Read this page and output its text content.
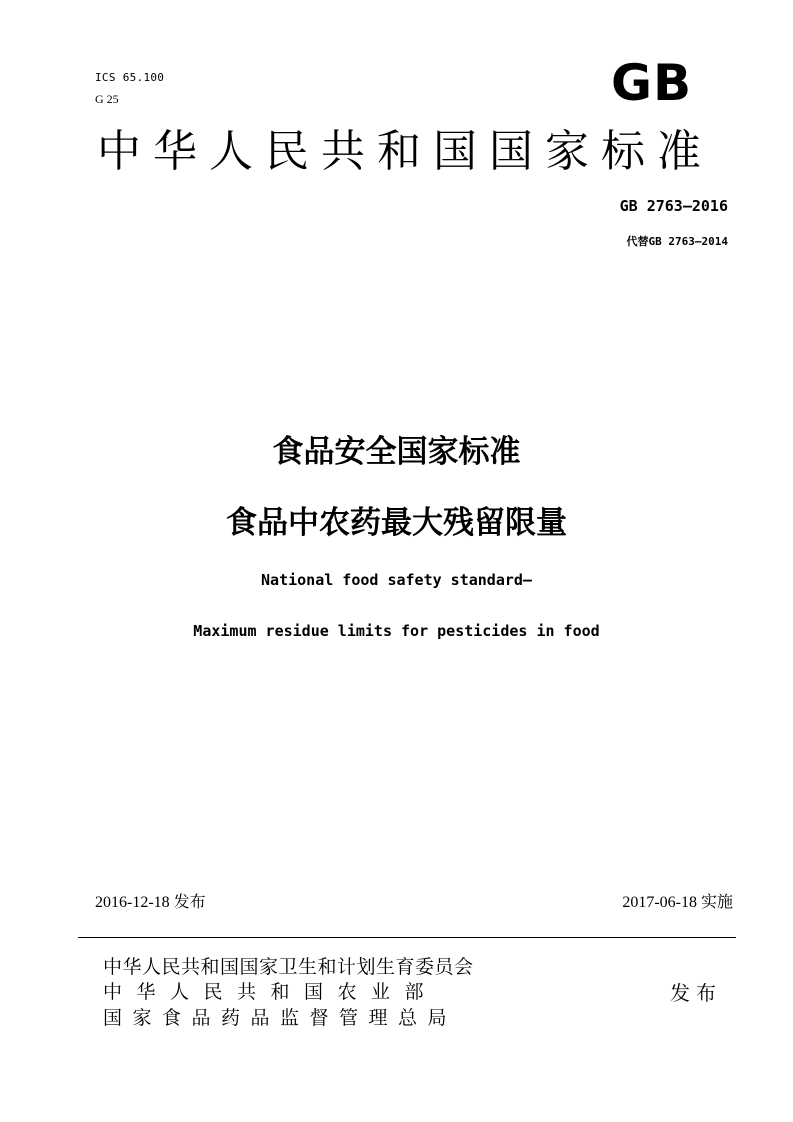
ICS 65.100
G 25	GB
中华人民共和国国家标准
GB 2763—2016
代替GB 2763—2014
食品安全国家标准
食品中农药最大残留限量
National food safety standard—
Maximum residue limits for pesticides in food
2016-12-18 发布	2017-06-18 实施
中华人民共和国国家卫生和计划生育委员会
中华人民共和国农业部
国家食品药品监督管理总局
发布
